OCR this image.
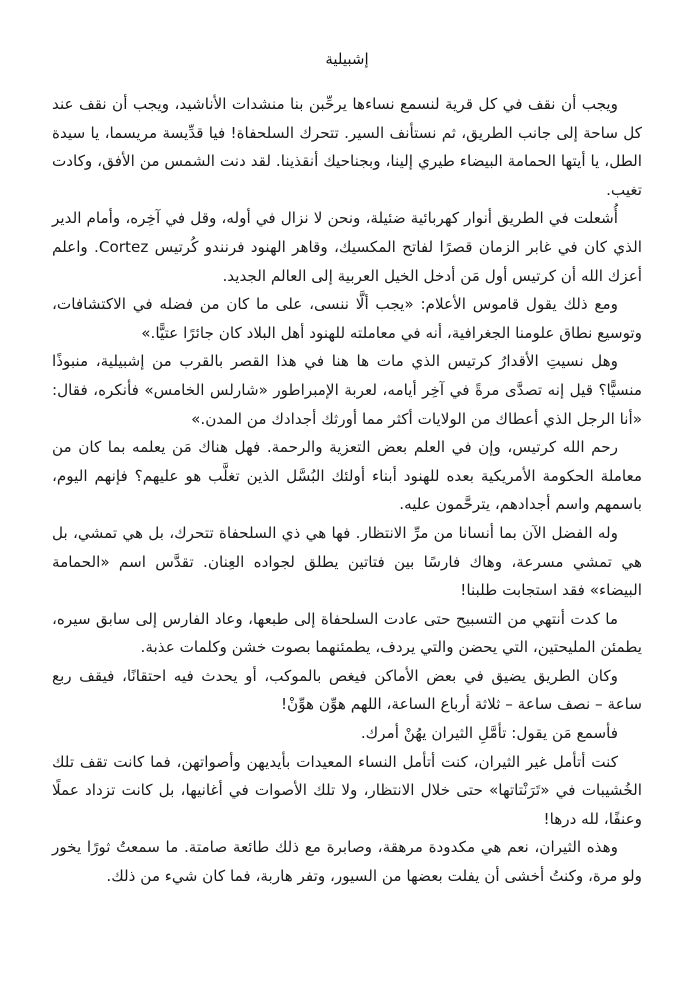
إشبيلية

ويجب أن نقف في كل قرية لنسمع نساءها يرحِّبن بنا منشدات الأناشيد، ويجب أن نقف عند كل ساحة إلى جانب الطريق، ثم نستأنف السير. تتحرك السلحفاة! فيا قدِّيسة مريسما، يا سيدة الطل، يا أيتها الحمامة البيضاء طيري إلينا، وبجناحيك أنقذينا. لقد دنت الشمس من الأفق، وكادت تغيب.

أُشعلت في الطريق أنوار كهربائية ضئيلة، ونحن لا نزال في أوله، وقل في آخِره، وأمام الدير الذي كان في غابر الزمان قصرًا لفاتح المكسيك، وقاهر الهنود فرنندو كُرتيس Cortez. واعلم أعزك الله أن كرتيس أول مَن أدخل الخيل العربية إلى العالم الجديد.

ومع ذلك يقول قاموس الأعلام: «يجب ألَّا ننسى، على ما كان من فضله في الاكتشافات، وتوسيع نطاق علومنا الجغرافية، أنه في معاملته للهنود أهل البلاد كان جائرًا عتيًّا.»

وهل نسيتِ الأقدارُ كرتيس الذي مات ها هنا في هذا القصر بالقرب من إشبيلية، منبوذًا منسيًّا؟ قيل إنه تصدَّى مرةً في آخِر أيامه، لعربة الإمبراطور «شارلس الخامس» فأنكره، فقال: «أنا الرجل الذي أعطاك من الولايات أكثر مما أورثك أجدادك من المدن.»

رحم الله كرتيس، وإن في العلم بعض التعزية والرحمة. فهل هناك مَن يعلمه بما كان من معاملة الحكومة الأمريكية بعده للهنود أبناء أولئك البُسَّل الذين تغلَّب هو عليهم؟ فإنهم اليوم، باسمهم واسم أجدادهم، يترحَّمون عليه.

وله الفضل الآن بما أنسانا من مرِّ الانتظار. فها هي ذي السلحفاة تتحرك، بل هي تمشي، بل هي تمشي مسرعة، وهاك فارسًا بين فتاتين يطلق لجواده العِنان. تقدَّس اسم «الحمامة البيضاء» فقد استجابت طلبنا!

ما كدت أنتهي من التسبيح حتى عادت السلحفاة إلى طبعها، وعاد الفارس إلى سابق سيره، يطمئن المليحتين، التي يحضن والتي يردف، يطمئنهما بصوت خشن وكلمات عذبة.

وكان الطريق يضيق في بعض الأماكن فيغص بالموكب، أو يحدث فيه احتقانًا، فيقف ربع ساعة – نصف ساعة – ثلاثة أرباع الساعة، اللهم هوِّن هوِّنْ!

فأسمع مَن يقول: تأمَّلِ الثيران يهُنْ أمرك.

كنت أتأمل غير الثيران، كنت أتأمل النساء المعيدات بأيديهن وأصواتهن، فما كانت تقف تلك الخُشيبات في «تَرَنْتاتها» حتى خلال الانتظار، ولا تلك الأصوات في أغانيها، بل كانت تزداد عملًا وعنفًا، لله درها!

وهذه الثيران، نعم هي مكدودة مرهقة، وصابرة مع ذلك طائعة صامتة. ما سمعتُ ثورًا يخور ولو مرة، وكنتُ أخشى أن يفلت بعضها من السيور، وتفر هاربة، فما كان شيء من ذلك.
